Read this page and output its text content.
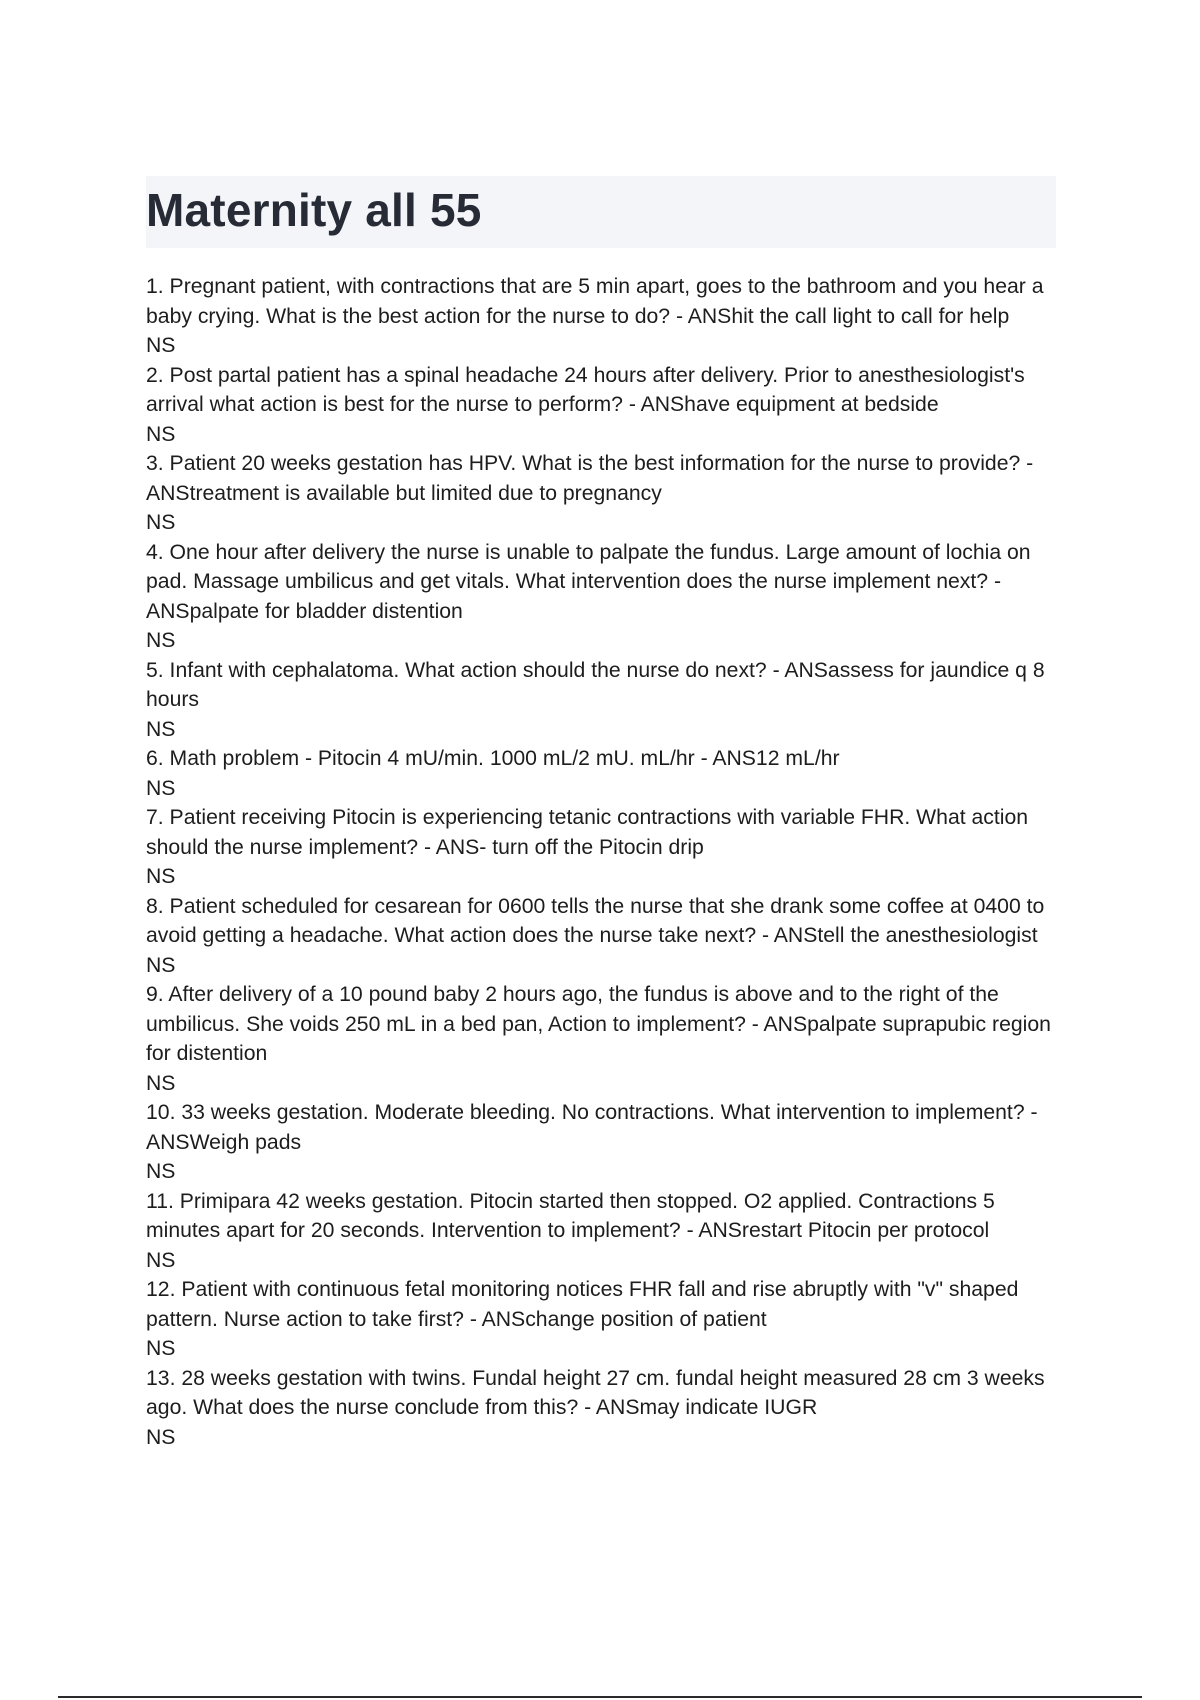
Maternity all 55
1. Pregnant patient, with contractions that are 5 min apart, goes to the bathroom and you hear a baby crying. What is the best action for the nurse to do? - ANShit the call light to call for help
NS
2. Post partal patient has a spinal headache 24 hours after delivery. Prior to anesthesiologist's arrival what action is best for the nurse to perform? - ANShave equipment at bedside
NS
3. Patient 20 weeks gestation has HPV. What is the best information for the nurse to provide? - ANStreatment is available but limited due to pregnancy
NS
4. One hour after delivery the nurse is unable to palpate the fundus. Large amount of lochia on pad. Massage umbilicus and get vitals. What intervention does the nurse implement next? - ANSpalpate for bladder distention
NS
5. Infant with cephalatoma. What action should the nurse do next? - ANSassess for jaundice q 8 hours
NS
6. Math problem - Pitocin 4 mU/min. 1000 mL/2 mU. mL/hr - ANS12 mL/hr
NS
7. Patient receiving Pitocin is experiencing tetanic contractions with variable FHR. What action should the nurse implement? - ANS- turn off the Pitocin drip
NS
8. Patient scheduled for cesarean for 0600 tells the nurse that she drank some coffee at 0400 to avoid getting a headache. What action does the nurse take next? - ANStell the anesthesiologist
NS
9. After delivery of a 10 pound baby 2 hours ago, the fundus is above and to the right of the umbilicus. She voids 250 mL in a bed pan, Action to implement? - ANSpalpate suprapubic region for distention
NS
10. 33 weeks gestation. Moderate bleeding. No contractions. What intervention to implement? - ANSWeigh pads
NS
11. Primipara 42 weeks gestation. Pitocin started then stopped. O2 applied. Contractions 5 minutes apart for 20 seconds. Intervention to implement? - ANSrestart Pitocin per protocol
NS
12. Patient with continuous fetal monitoring notices FHR fall and rise abruptly with "v" shaped pattern. Nurse action to take first? - ANSchange position of patient
NS
13. 28 weeks gestation with twins. Fundal height 27 cm. fundal height measured 28 cm 3 weeks ago. What does the nurse conclude from this? - ANSmay indicate IUGR
NS
